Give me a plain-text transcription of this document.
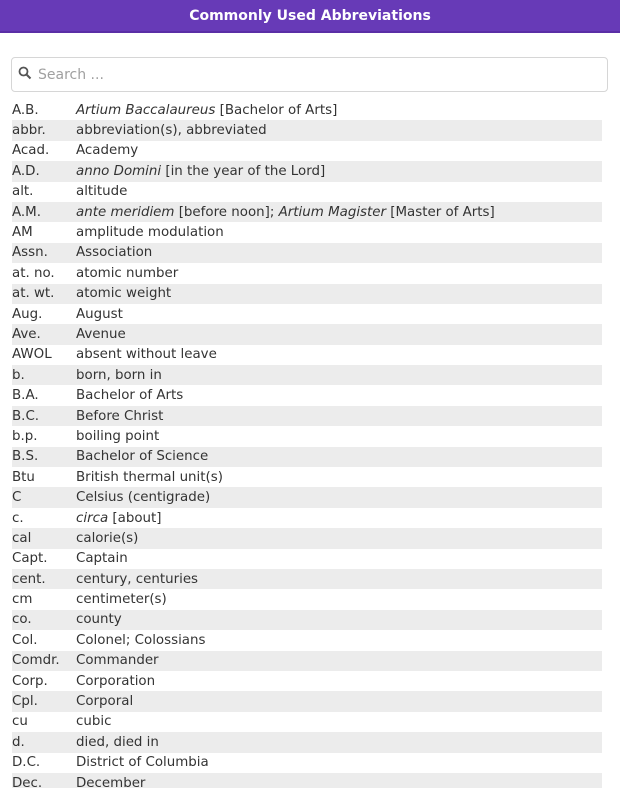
Commonly Used Abbreviations
Search ...
A.B.	Artium Baccalaureus [Bachelor of Arts]
abbr.	abbreviation(s), abbreviated
Acad.	Academy
A.D.	anno Domini [in the year of the Lord]
alt.	altitude
A.M.	ante meridiem [before noon]; Artium Magister [Master of Arts]
AM	amplitude modulation
Assn.	Association
at. no.	atomic number
at. wt.	atomic weight
Aug.	August
Ave.	Avenue
AWOL	absent without leave
b.	born, born in
B.A.	Bachelor of Arts
B.C.	Before Christ
b.p.	boiling point
B.S.	Bachelor of Science
Btu	British thermal unit(s)
C	Celsius (centigrade)
c.	circa [about]
cal	calorie(s)
Capt.	Captain
cent.	century, centuries
cm	centimeter(s)
co.	county
Col.	Colonel; Colossians
Comdr.	Commander
Corp.	Corporation
Cpl.	Corporal
cu	cubic
d.	died, died in
D.C.	District of Columbia
Dec.	December
